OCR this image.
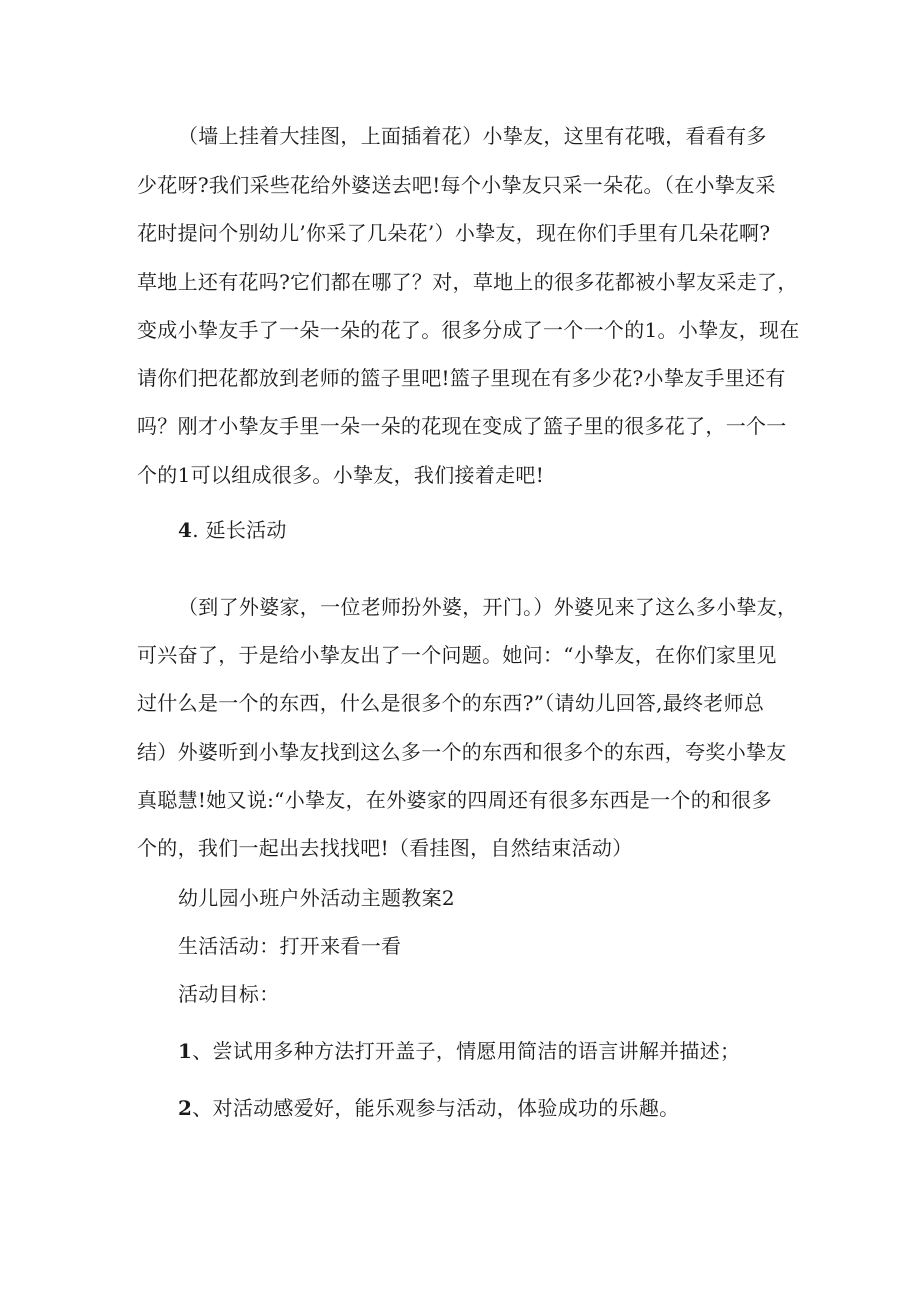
（墙上挂着大挂图，上面插着花）小挚友，这里有花哦，看看有多
少花呀?我们采些花给外婆送去吧!每个小挚友只采一朵花。（在小挚友采
花时提问个别幼儿’你采了几朵花’）小挚友，现在你们手里有几朵花啊?
草地上还有花吗?它们都在哪了？对，草地上的很多花都被小挈友采走了，
变成小挚友手了一朵一朵的花了。很多分成了一个一个的1。小挚友，现在
请你们把花都放到老师的篮子里吧!篮子里现在有多少花?小挚友手里还有
吗？刚才小挚友手里一朵一朵的花现在变成了篮子里的很多花了，一个一
个的1可以组成很多。小挚友，我们接着走吧!
4. 延长活动
（到了外婆家，一位老师扮外婆，开门。）外婆见来了这么多小挚友，
可兴奋了，于是给小挚友出了一个问题。她问：“小挚友，在你们家里见
过什么是一个的东西，什么是很多个的东西?”（请幼儿回答,最终老师总
结）外婆听到小挚友找到这么多一个的东西和很多个的东西，夸奖小挚友
真聪慧!她又说:“小挚友，在外婆家的四周还有很多东西是一个的和很多
个的，我们一起出去找找吧!（看挂图，自然结束活动）
幼儿园小班户外活动主题教案2
生活活动：打开来看一看
活动目标：
1、尝试用多种方法打开盖子，情愿用简洁的语言讲解并描述；
2、对活动感爱好，能乐观参与活动，体验成功的乐趣。
